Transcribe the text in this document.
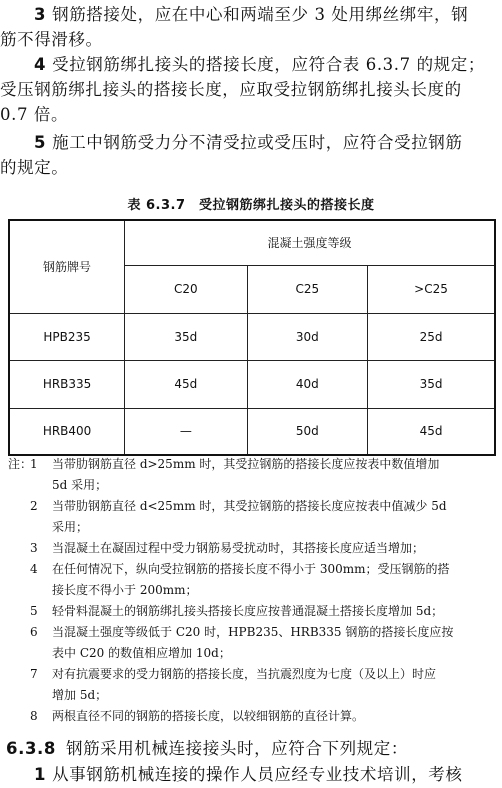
3 钢筋搭接处，应在中心和两端至少 3 处用绑丝绑牢，钢
筋不得滑移。
4 受拉钢筋绑扎接头的搭接长度，应符合表 6.3.7 的规定；
受压钢筋绑扎接头的搭接长度，应取受拉钢筋绑扎接头长度的
0.7 倍。
5 施工中钢筋受力分不清受拉或受压时，应符合受拉钢筋
的规定。
表 6.3.7　受拉钢筋绑扎接头的搭接长度
钢筋牌号	混凝土强度等级		
	C20	C25	>C25
HPB235	35d	30d	25d
HRB335	45d	40d	35d
HRB400	—	50d	45d
注：
1	当带肋钢筋直径 d>25mm 时，其受拉钢筋的搭接长度应按表中数值增加
5d 采用；
2	当带肋钢筋直径 d<25mm 时，其受拉钢筋的搭接长度应按表中值减少 5d
采用；
3	当混凝土在凝固过程中受力钢筋易受扰动时，其搭接长度应适当增加；
4	在任何情况下，纵向受拉钢筋的搭接长度不得小于 300mm；受压钢筋的搭
接长度不得小于 200mm；
5	轻骨料混凝土的钢筋绑扎接头搭接长度应按普通混凝土搭接长度增加 5d；
6	当混凝土强度等级低于 C20 时，HPB235、HRB335 钢筋的搭接长度应按
表中 C20 的数值相应增加 10d；
7	对有抗震要求的受力钢筋的搭接长度，当抗震烈度为七度（及以上）时应
增加 5d；
8	两根直径不同的钢筋的搭接长度，以较细钢筋的直径计算。
6.3.8 钢筋采用机械连接接头时，应符合下列规定：
1 从事钢筋机械连接的操作人员应经专业技术培训，考核
